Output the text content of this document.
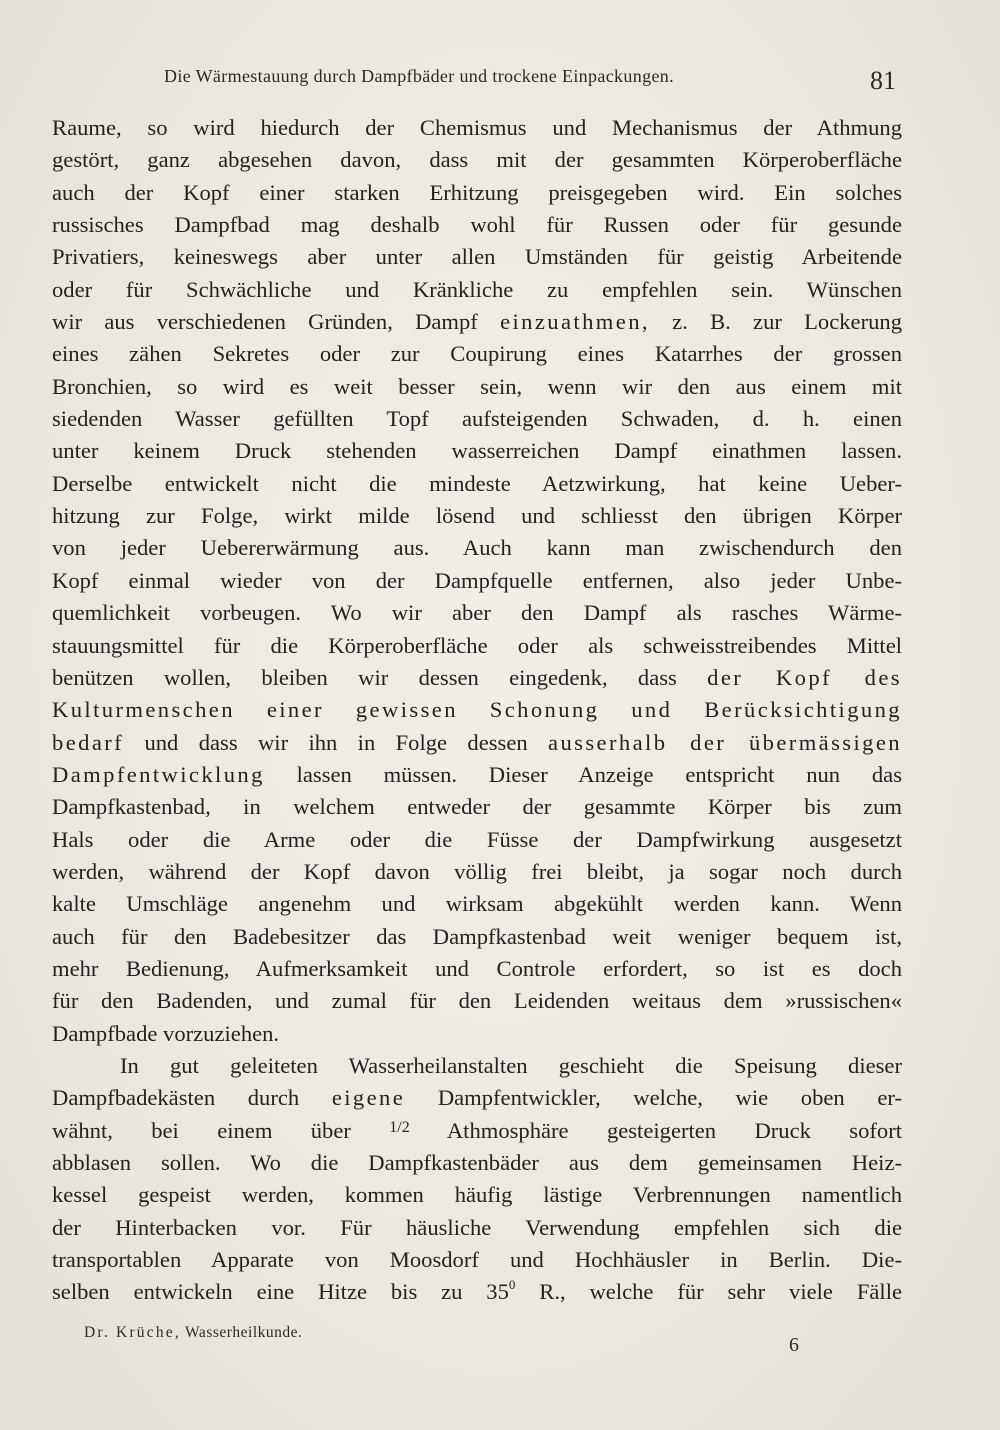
Die Wärmestauung durch Dampfbäder und trockene Einpackungen.	81
Raume, so wird hiedurch der Chemismus und Mechanismus der Athmung
gestört, ganz abgesehen davon, dass mit der gesammten Körperoberfläche
auch der Kopf einer starken Erhitzung preisgegeben wird. Ein solches
russisches Dampfbad mag deshalb wohl für Russen oder für gesunde
Privatiers, keineswegs aber unter allen Umständen für geistig Arbeitende
oder für Schwächliche und Kränkliche zu empfehlen sein. Wünschen
wir aus verschiedenen Gründen, Dampf einzuathmen, z. B. zur Lockerung
eines zähen Sekretes oder zur Coupirung eines Katarrhes der grossen
Bronchien, so wird es weit besser sein, wenn wir den aus einem mit
siedenden Wasser gefüllten Topf aufsteigenden Schwaden, d. h. einen
unter keinem Druck stehenden wasserreichen Dampf einathmen lassen.
Derselbe entwickelt nicht die mindeste Aetzwirkung, hat keine Ueber-
hitzung zur Folge, wirkt milde lösend und schliesst den übrigen Körper
von jeder Uebererwärmung aus. Auch kann man zwischendurch den
Kopf einmal wieder von der Dampfquelle entfernen, also jeder Unbe-
quemlichkeit vorbeugen. Wo wir aber den Dampf als rasches Wärme-
stauungsmittel für die Körperoberfläche oder als schweisstreibendes Mittel
benützen wollen, bleiben wir dessen eingedenk, dass der Kopf des
Kulturmenschen einer gewissen Schonung und Berücksichtigung
bedarf und dass wir ihn in Folge dessen ausserhalb der übermässigen
Dampfentwicklung lassen müssen. Dieser Anzeige entspricht nun das
Dampfkastenbad, in welchem entweder der gesammte Körper bis zum
Hals oder die Arme oder die Füsse der Dampfwirkung ausgesetzt
werden, während der Kopf davon völlig frei bleibt, ja sogar noch durch
kalte Umschläge angenehm und wirksam abgekühlt werden kann. Wenn
auch für den Badebesitzer das Dampfkastenbad weit weniger bequem ist,
mehr Bedienung, Aufmerksamkeit und Controle erfordert, so ist es doch
für den Badenden, und zumal für den Leidenden weitaus dem »russischen«
Dampfbade vorzuziehen.
In gut geleiteten Wasserheilanstalten geschieht die Speisung dieser
Dampfbadekästen durch eigene Dampfentwickler, welche, wie oben er-
wähnt, bei einem über 1/2 Athmosphäre gesteigerten Druck sofort
abblasen sollen. Wo die Dampfkastenbäder aus dem gemeinsamen Heiz-
kessel gespeist werden, kommen häufig lästige Verbrennungen namentlich
der Hinterbacken vor. Für häusliche Verwendung empfehlen sich die
transportablen Apparate von Moosdorf und Hochhäusler in Berlin. Die-
selben entwickeln eine Hitze bis zu $35^0$ R., welche für sehr viele Fälle
Dr. Krüche, Wasserheilkunde.
6
